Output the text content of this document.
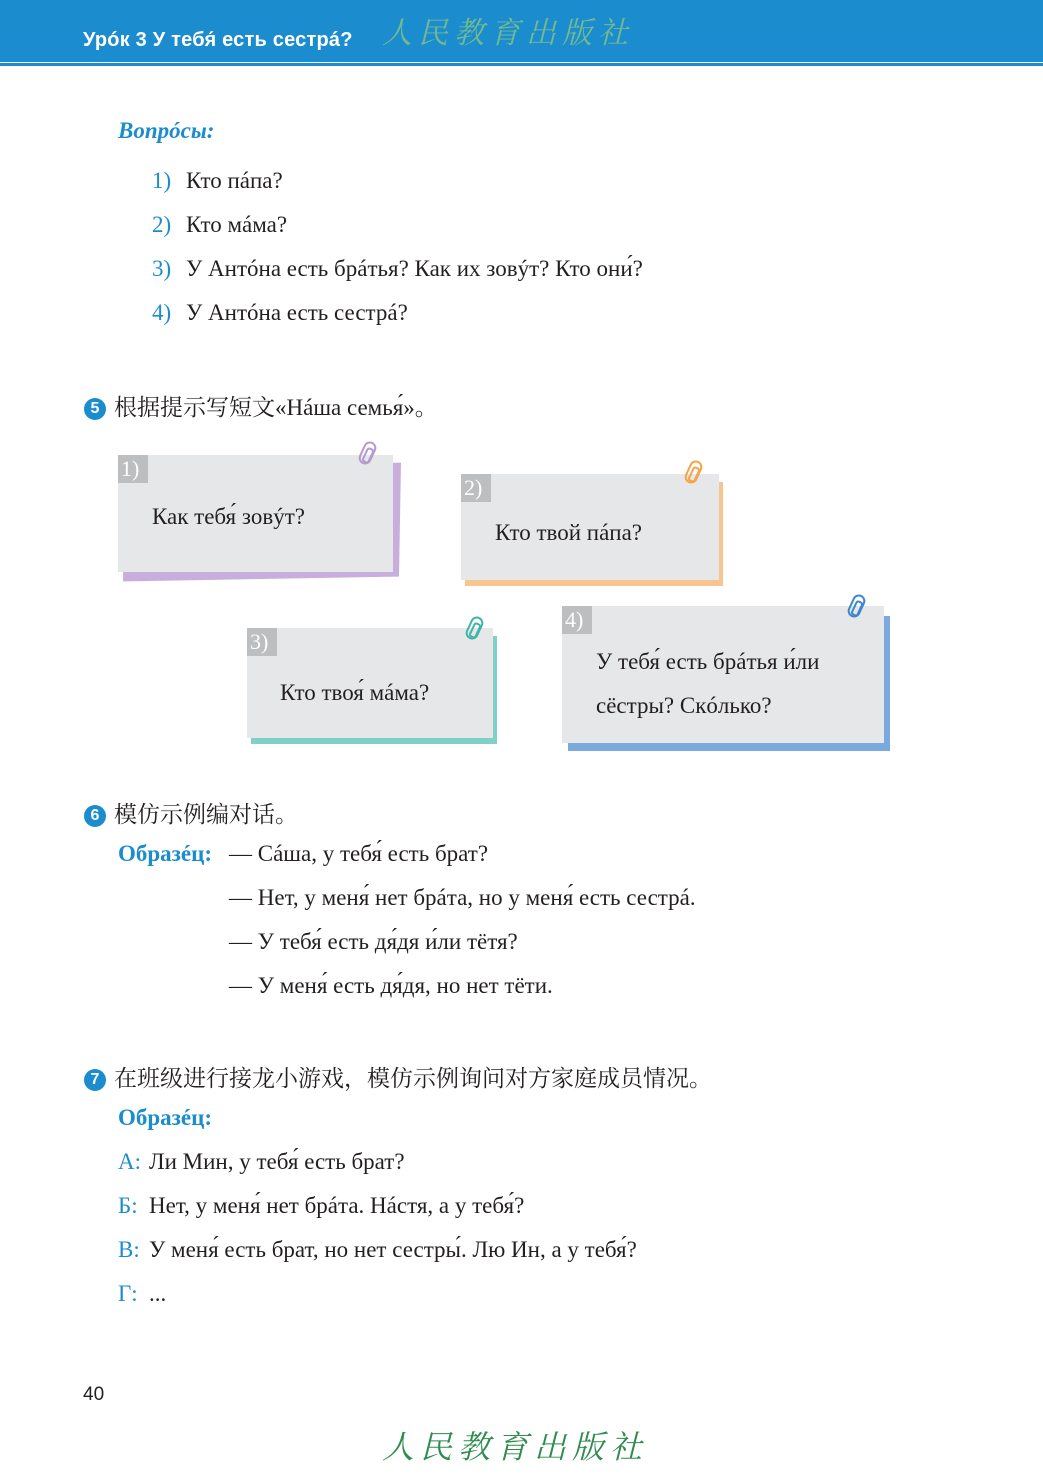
Урóк 3 У тебя́ есть сестрá? 人民教育出版社
Вопрóсы:
1) Кто пáпа?
2) Кто мáма?
3) У Антóна есть брáтья? Как их зовýт? Кто они́?
4) У Антóна есть сестрá?
5 根据提示写短文«Нáша семья́»。
1)
Как тебя́ зовýт?
2)
Кто твой пáпа?
3)
Кто твоя́ мáма?
4)
У тебя́ есть брáтья и́ли
сёстры? Скóлько?
6 模仿示例编对话。
Образéц: — Сáша, у тебя́ есть брат?
— Нет, у меня́ нет брáта, но у меня́ есть сестрá.
— У тебя́ есть дя́дя и́ли тётя?
— У меня́ есть дя́дя, но нет тёти.
7 在班级进行接龙小游戏，模仿示例询问对方家庭成员情况。
Образéц:
А: Ли Мин, у тебя́ есть брат?
Б: Нет, у меня́ нет брáта. Нáстя, а у тебя́?
В: У меня́ есть брат, но нет сестры́. Лю Ин, а у тебя́?
Г: ...
40
人民教育出版社
